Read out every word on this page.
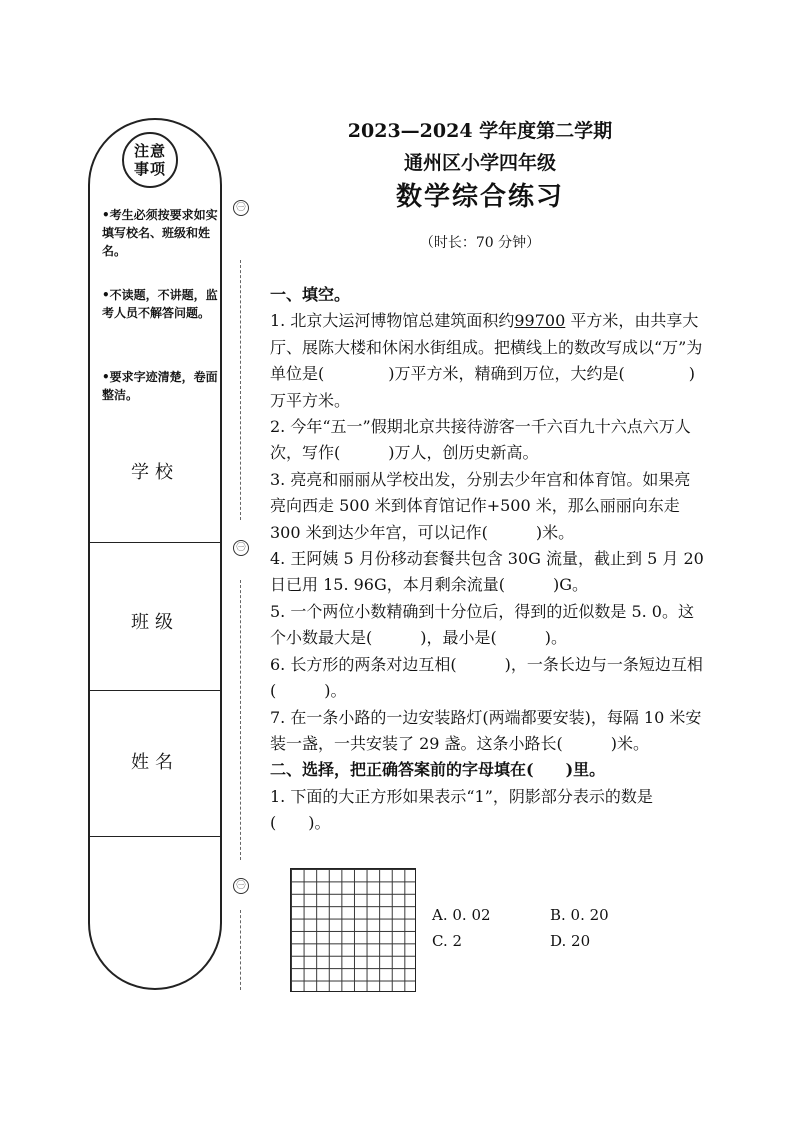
注意
事项
•考生必须按要求如实填写校名、班级和姓名。
•不读题，不讲题，监考人员不解答问题。
•要求字迹清楚，卷面整洁。
学校
班级
姓名
㊀
㊀
㊀
2023—2024 学年度第二学期
通州区小学四年级
数学综合练习
（时长：70 分钟）
一、填空。
1. 北京大运河博物馆总建筑面积约99700 平方米，由共享大厅、展陈大楼和休闲水街组成。把横线上的数改写成以“万”为单位是(　　　　)万平方米，精确到万位，大约是(　　　　)万平方米。
2. 今年“五一”假期北京共接待游客一千六百九十六点六万人次，写作(　　　)万人，创历史新高。
3. 亮亮和丽丽从学校出发，分别去少年宫和体育馆。如果亮亮向西走 500 米到体育馆记作+500 米，那么丽丽向东走 300 米到达少年宫，可以记作(　　　)米。
4. 王阿姨 5 月份移动套餐共包含 30G 流量，截止到 5 月 20 日已用 15. 96G，本月剩余流量(　　　)G。
5. 一个两位小数精确到十分位后，得到的近似数是 5. 0。这个小数最大是(　　　)，最小是(　　　)。
6. 长方形的两条对边互相(　　　)，一条长边与一条短边互相(　　　)。
7. 在一条小路的一边安装路灯(两端都要安装)，每隔 10 米安装一盏，一共安装了 29 盏。这条小路长(　　　)米。
二、选择，把正确答案前的字母填在(　　)里。
1. 下面的大正方形如果表示“1”，阴影部分表示的数是(　　)。
A. 0. 02	B. 0. 20
C. 2	D. 20
